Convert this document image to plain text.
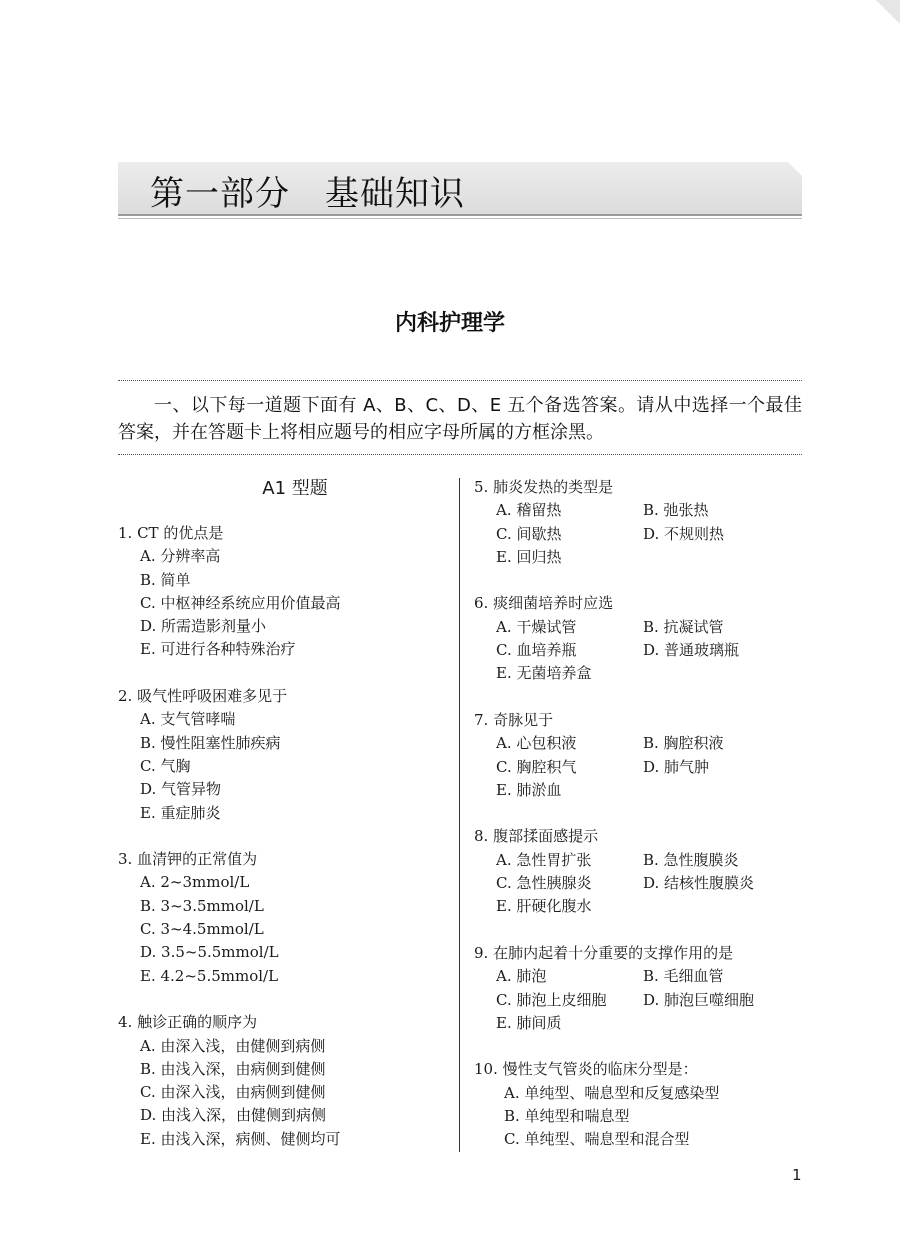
第一部分　基础知识
内科护理学

一、以下每一道题下面有 A、B、C、D、E 五个备选答案。请从中选择一个最佳答案，并在答题卡上将相应题号的相应字母所属的方框涂黑。

A1 型题
1. CT 的优点是
A. 分辨率高
B. 简单
C. 中枢神经系统应用价值最高
D. 所需造影剂量小
E. 可进行各种特殊治疗
2. 吸气性呼吸困难多见于
A. 支气管哮喘
B. 慢性阻塞性肺疾病
C. 气胸
D. 气管异物
E. 重症肺炎
3. 血清钾的正常值为
A. 2~3mmol/L
B. 3~3.5mmol/L
C. 3~4.5mmol/L
D. 3.5~5.5mmol/L
E. 4.2~5.5mmol/L
4. 触诊正确的顺序为
A. 由深入浅，由健侧到病侧
B. 由浅入深，由病侧到健侧
C. 由深入浅，由病侧到健侧
D. 由浅入深，由健侧到病侧
E. 由浅入深，病侧、健侧均可
5. 肺炎发热的类型是
A. 稽留热	B. 弛张热
C. 间歇热	D. 不规则热
E. 回归热
6. 痰细菌培养时应选
A. 干燥试管	B. 抗凝试管
C. 血培养瓶	D. 普通玻璃瓶
E. 无菌培养盒
7. 奇脉见于
A. 心包积液	B. 胸腔积液
C. 胸腔积气	D. 肺气肿
E. 肺淤血
8. 腹部揉面感提示
A. 急性胃扩张	B. 急性腹膜炎
C. 急性胰腺炎	D. 结核性腹膜炎
E. 肝硬化腹水
9. 在肺内起着十分重要的支撑作用的是
A. 肺泡	B. 毛细血管
C. 肺泡上皮细胞	D. 肺泡巨噬细胞
E. 肺间质
10. 慢性支气管炎的临床分型是：
A. 单纯型、喘息型和反复感染型
B. 单纯型和喘息型
C. 单纯型、喘息型和混合型
1
